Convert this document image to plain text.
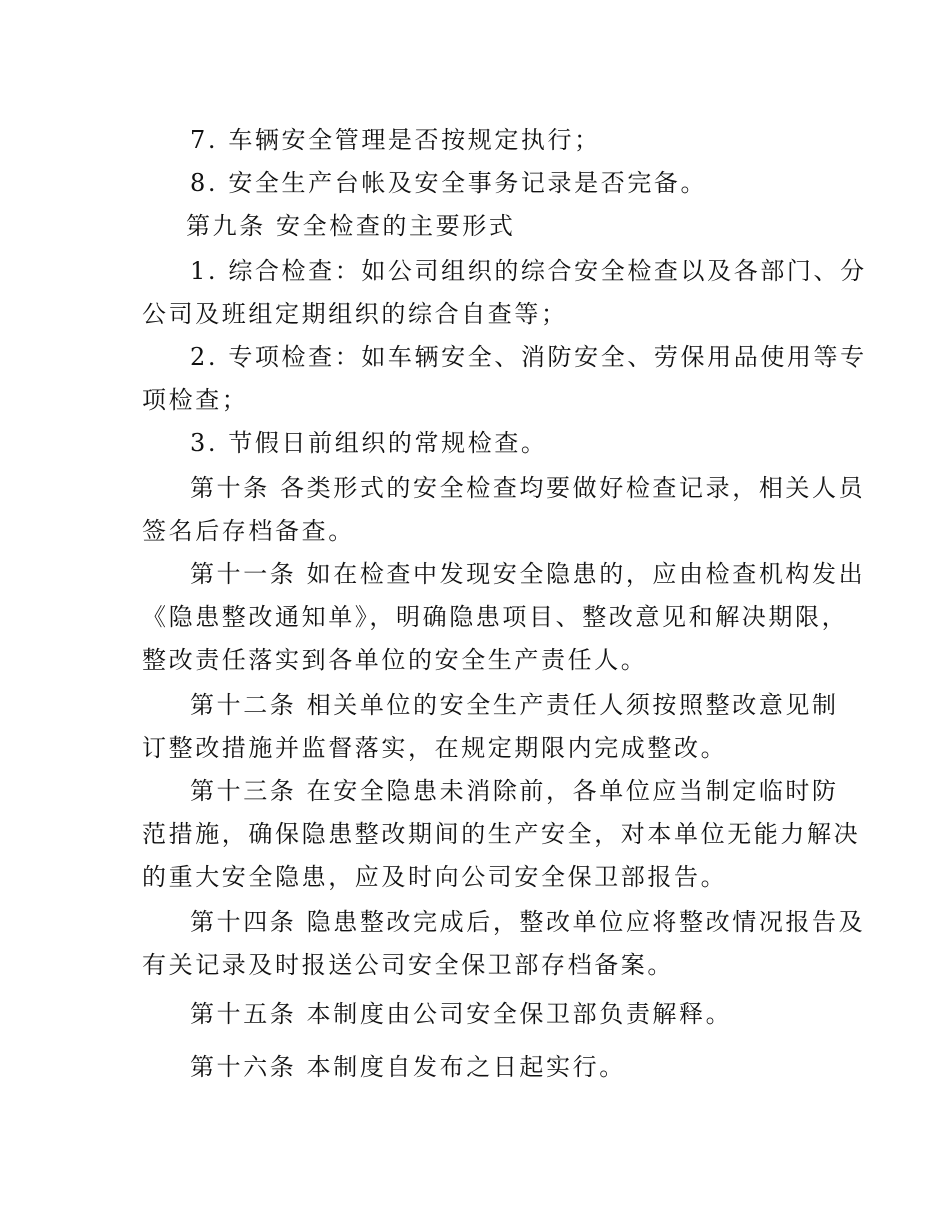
7. 车辆安全管理是否按规定执行；
8. 安全生产台帐及安全事务记录是否完备。
第九条 安全检查的主要形式
1. 综合检查：如公司组织的综合安全检查以及各部门、分
公司及班组定期组织的综合自查等；
2. 专项检查：如车辆安全、消防安全、劳保用品使用等专
项检查；
3. 节假日前组织的常规检查。
第十条 各类形式的安全检查均要做好检查记录，相关人员
签名后存档备查。
第十一条 如在检查中发现安全隐患的，应由检查机构发出
《隐患整改通知单》，明确隐患项目、整改意见和解决期限，
整改责任落实到各单位的安全生产责任人。
第十二条 相关单位的安全生产责任人须按照整改意见制
订整改措施并监督落实，在规定期限内完成整改。
第十三条 在安全隐患未消除前，各单位应当制定临时防
范措施，确保隐患整改期间的生产安全，对本单位无能力解决
的重大安全隐患，应及时向公司安全保卫部报告。
第十四条 隐患整改完成后，整改单位应将整改情况报告及
有关记录及时报送公司安全保卫部存档备案。
第十五条 本制度由公司安全保卫部负责解释。
第十六条 本制度自发布之日起实行。
